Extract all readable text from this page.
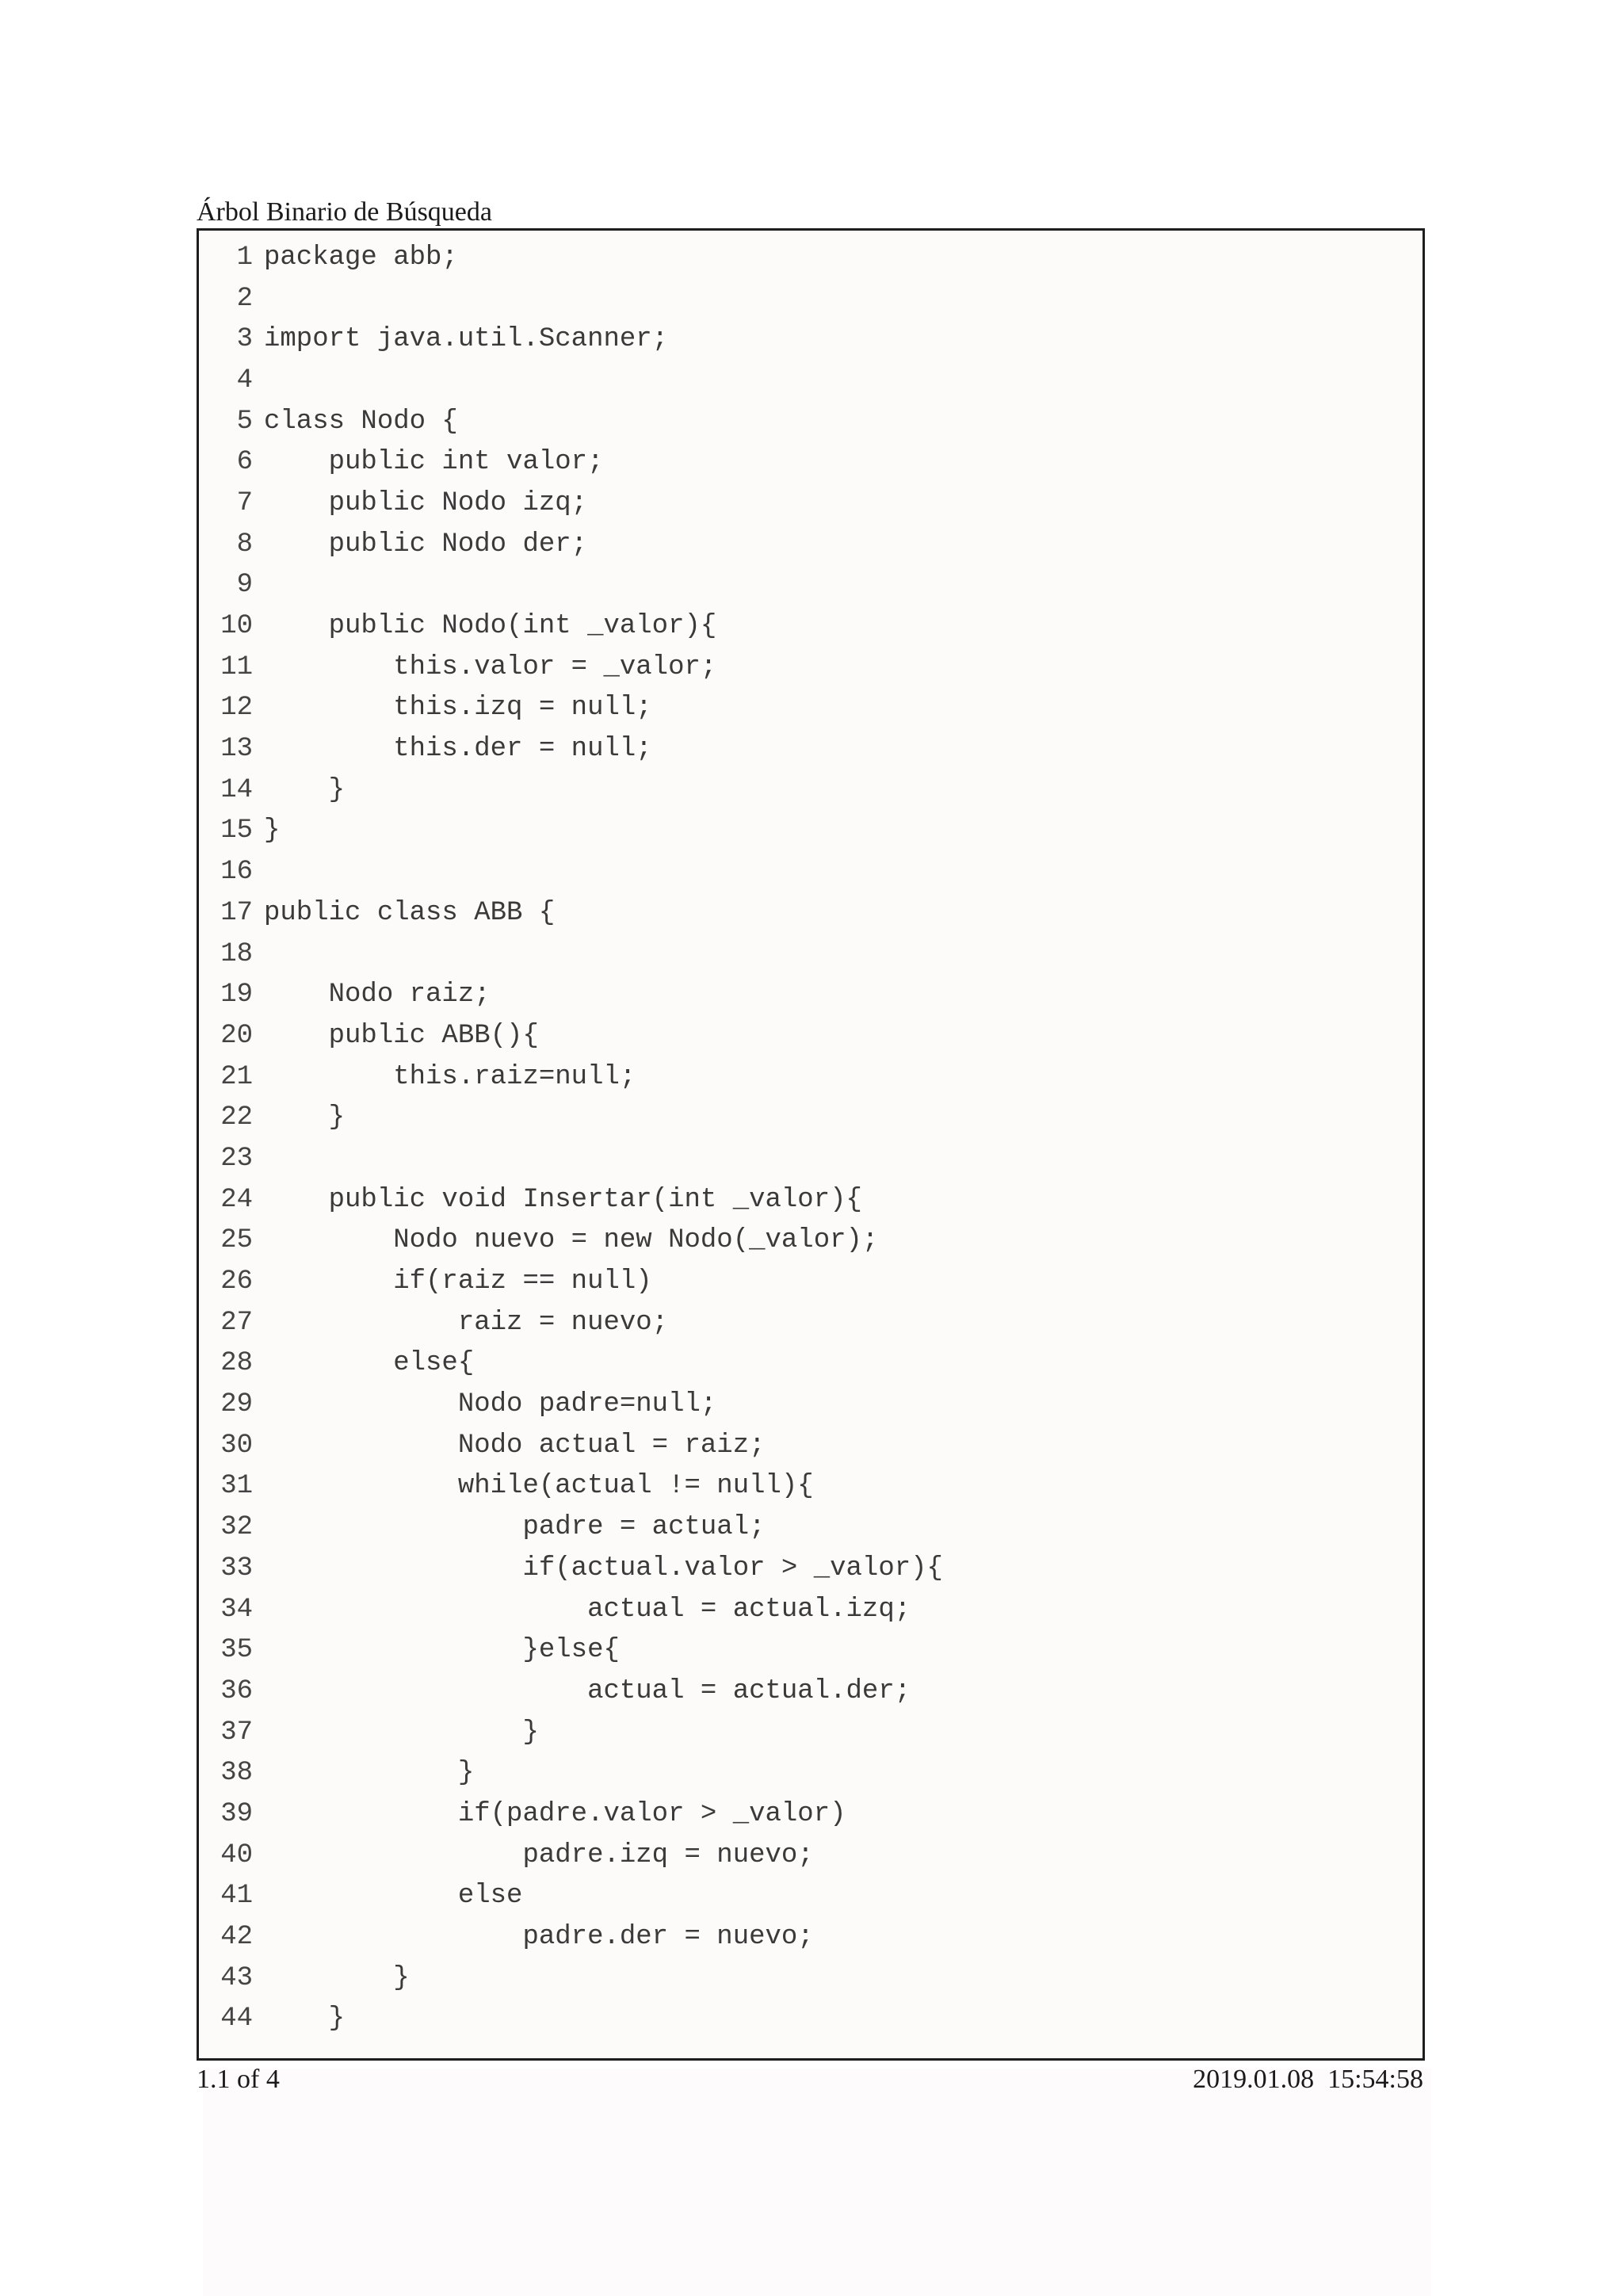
Árbol Binario de Búsqueda
1 package abb;
2
3 import java.util.Scanner;
4
5 class Nodo {
6 public int valor;
7 public Nodo izq;
8 public Nodo der;
9
10 public Nodo(int _valor){
11 this.valor = _valor;
12 this.izq = null;
13 this.der = null;
14 }
15 }
16
17 public class ABB {
18
19 Nodo raiz;
20 public ABB(){
21 this.raiz=null;
22 }
23
24 public void Insertar(int _valor){
25 Nodo nuevo = new Nodo(_valor);
26 if(raiz == null)
27 raiz = nuevo;
28 else{
29 Nodo padre=null;
30 Nodo actual = raiz;
31 while(actual != null){
32 padre = actual;
33 if(actual.valor > _valor){
34 actual = actual.izq;
35 }else{
36 actual = actual.der;
37 }
38 }
39 if(padre.valor > _valor)
40 padre.izq = nuevo;
41 else
42 padre.der = nuevo;
43 }
44 }
1.1 of 4	2019.01.08  15:54:58
